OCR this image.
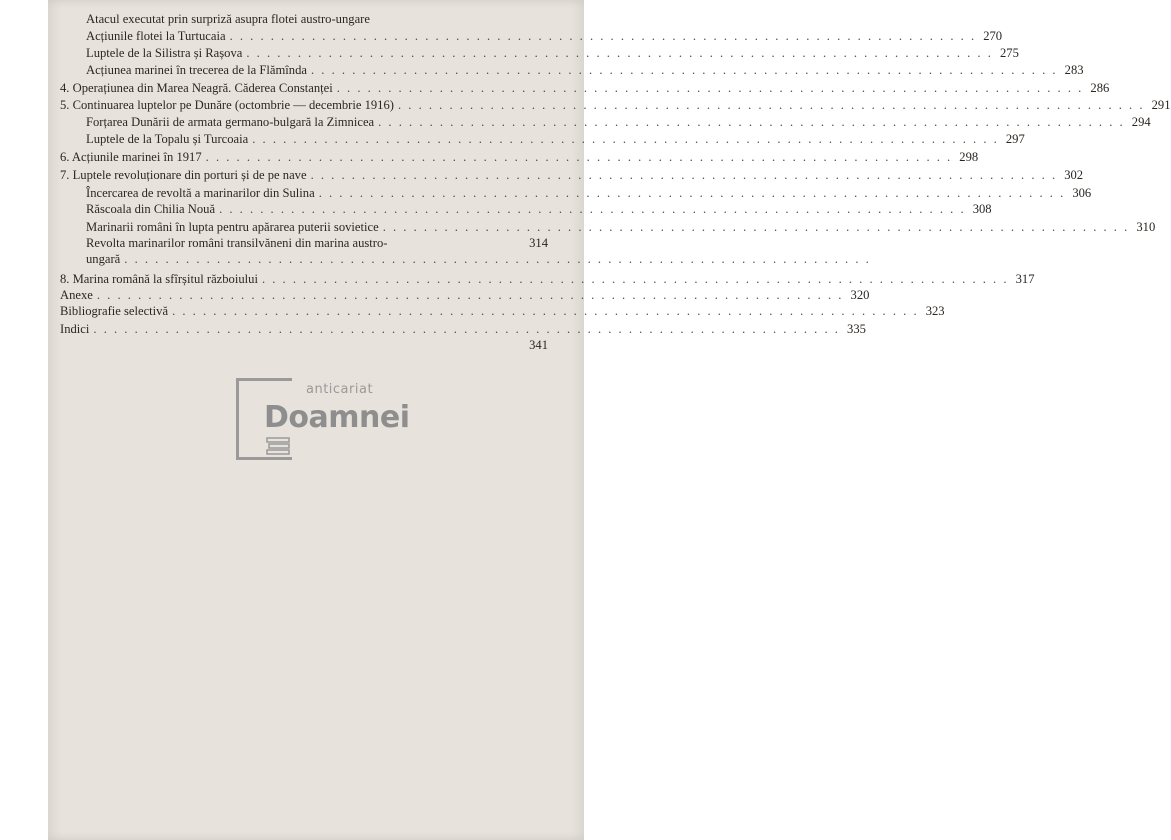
Atacul executat prin surpriză asupra flotei austro-ungare
Acțiunile flotei la Turtucaia . . .	270
Luptele de la Silistra și Rașova . . .	275
Acțiunea marinei în trecerea de la Flămînda . . .	283
4. Operațiunea din Marea Neagră. Căderea Constanței . . .	286
5. Continuarea luptelor pe Dunăre (octombrie — decembrie 1916) . . .	291
Forțarea Dunării de armata germano-bulgară la Zimnicea . . .	294
Luptele de la Topalu și Turcoaia . . .	297
6. Acțiunile marinei în 1917 . . .	298
7. Luptele revoluționare din porturi și de pe nave . . .	302
Încercarea de revoltă a marinarilor din Sulina . . .	306
Răscoala din Chilia Nouă . . .	308
Marinarii români în lupta pentru apărarea puterii sovietice . . .	310
Revolta marinarilor români transilvăneni din marina austro-	314
ungară
. . .
8. Marina română la sfîrșitul războiului . . .	317
Anexe . . .	320
Bibliografie selectivă . . .	323
Indici . . .	335
341
anticariat
Doamnei
